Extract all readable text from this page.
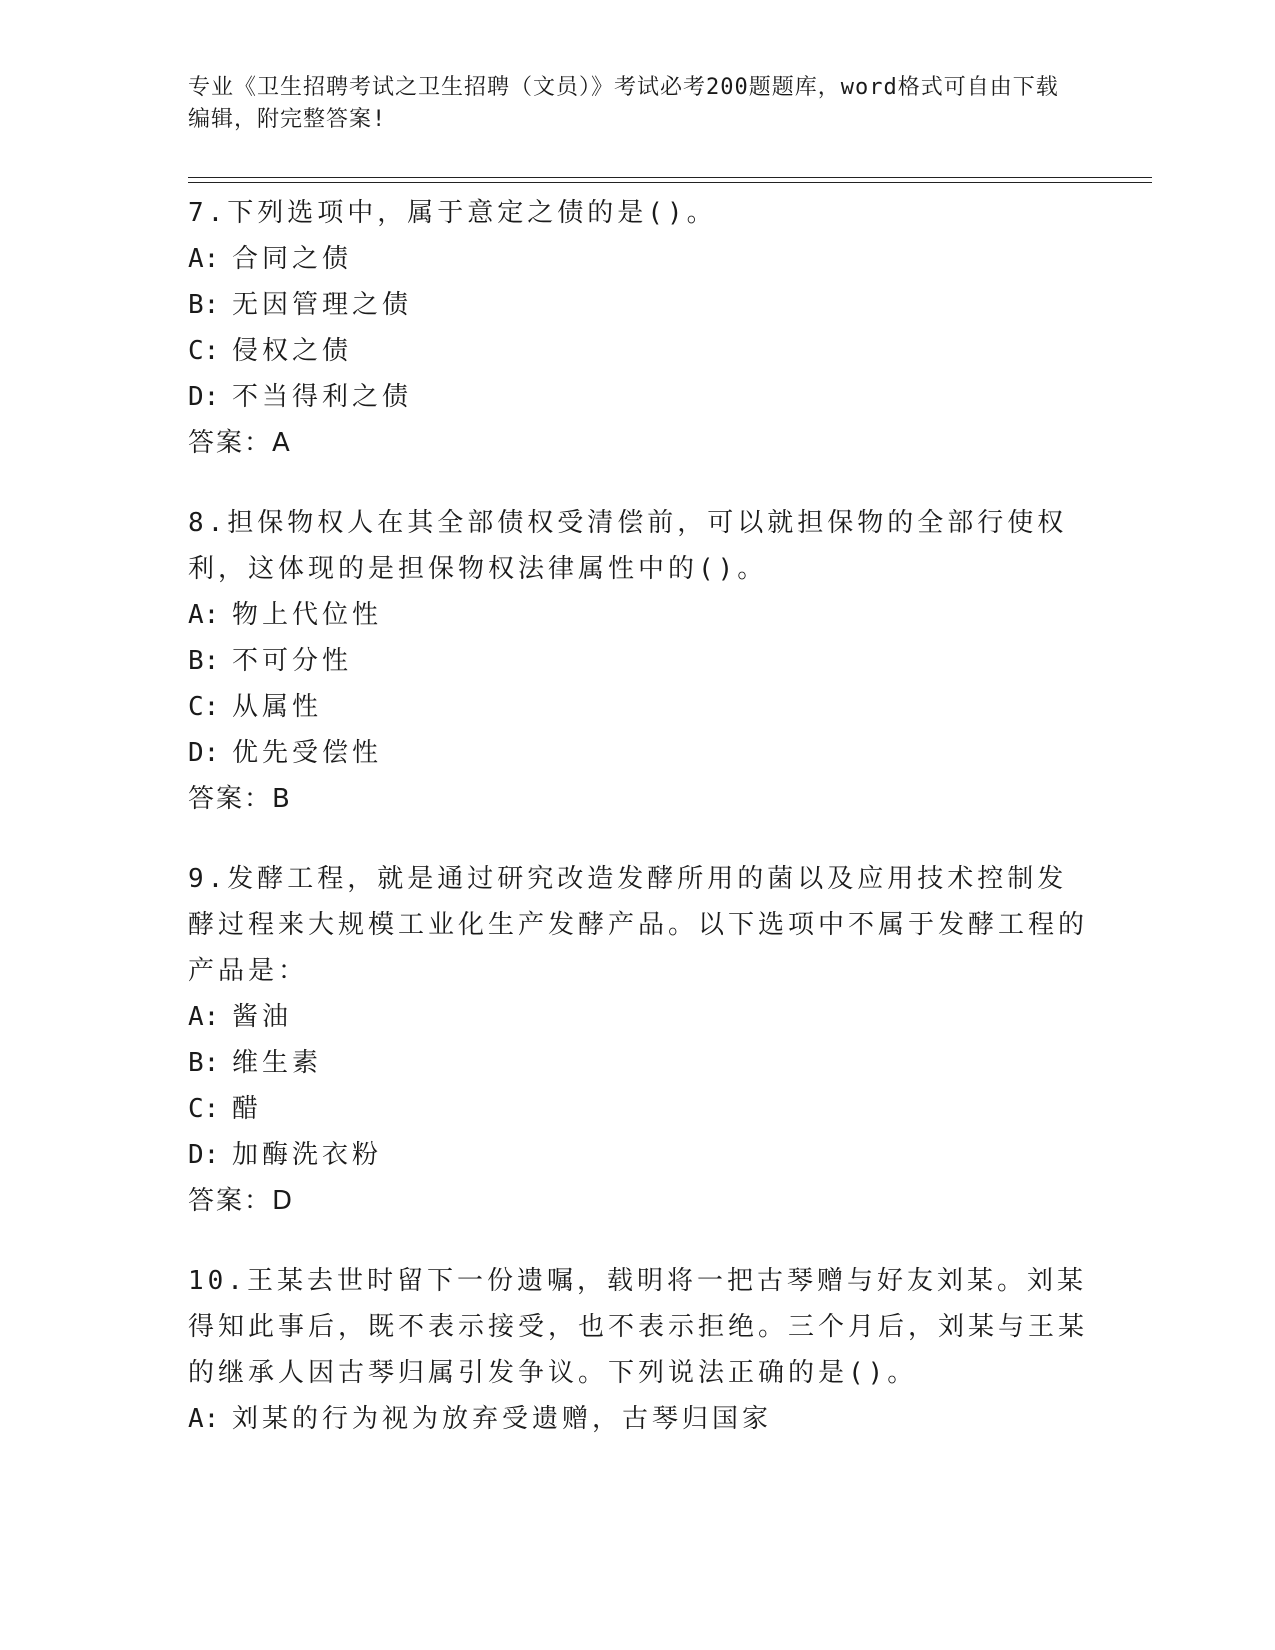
专业《卫生招聘考试之卫生招聘（文员）》考试必考200题题库，word格式可自由下载编辑，附完整答案!

7.下列选项中，属于意定之债的是()。

A: 合同之债

B: 无因管理之债

C: 侵权之债

D: 不当得利之债

答案：A

8.担保物权人在其全部债权受清偿前，可以就担保物的全部行使权利，这体现的是担保物权法律属性中的()。

A: 物上代位性

B: 不可分性

C: 从属性

D: 优先受偿性

答案：B

9.发酵工程，就是通过研究改造发酵所用的菌以及应用技术控制发酵过程来大规模工业化生产发酵产品。以下选项中不属于发酵工程的产品是：

A: 酱油

B: 维生素

C: 醋

D: 加酶洗衣粉

答案：D

10.王某去世时留下一份遗嘱，载明将一把古琴赠与好友刘某。刘某得知此事后，既不表示接受，也不表示拒绝。三个月后，刘某与王某的继承人因古琴归属引发争议。下列说法正确的是()。

A: 刘某的行为视为放弃受遗赠，古琴归国家
